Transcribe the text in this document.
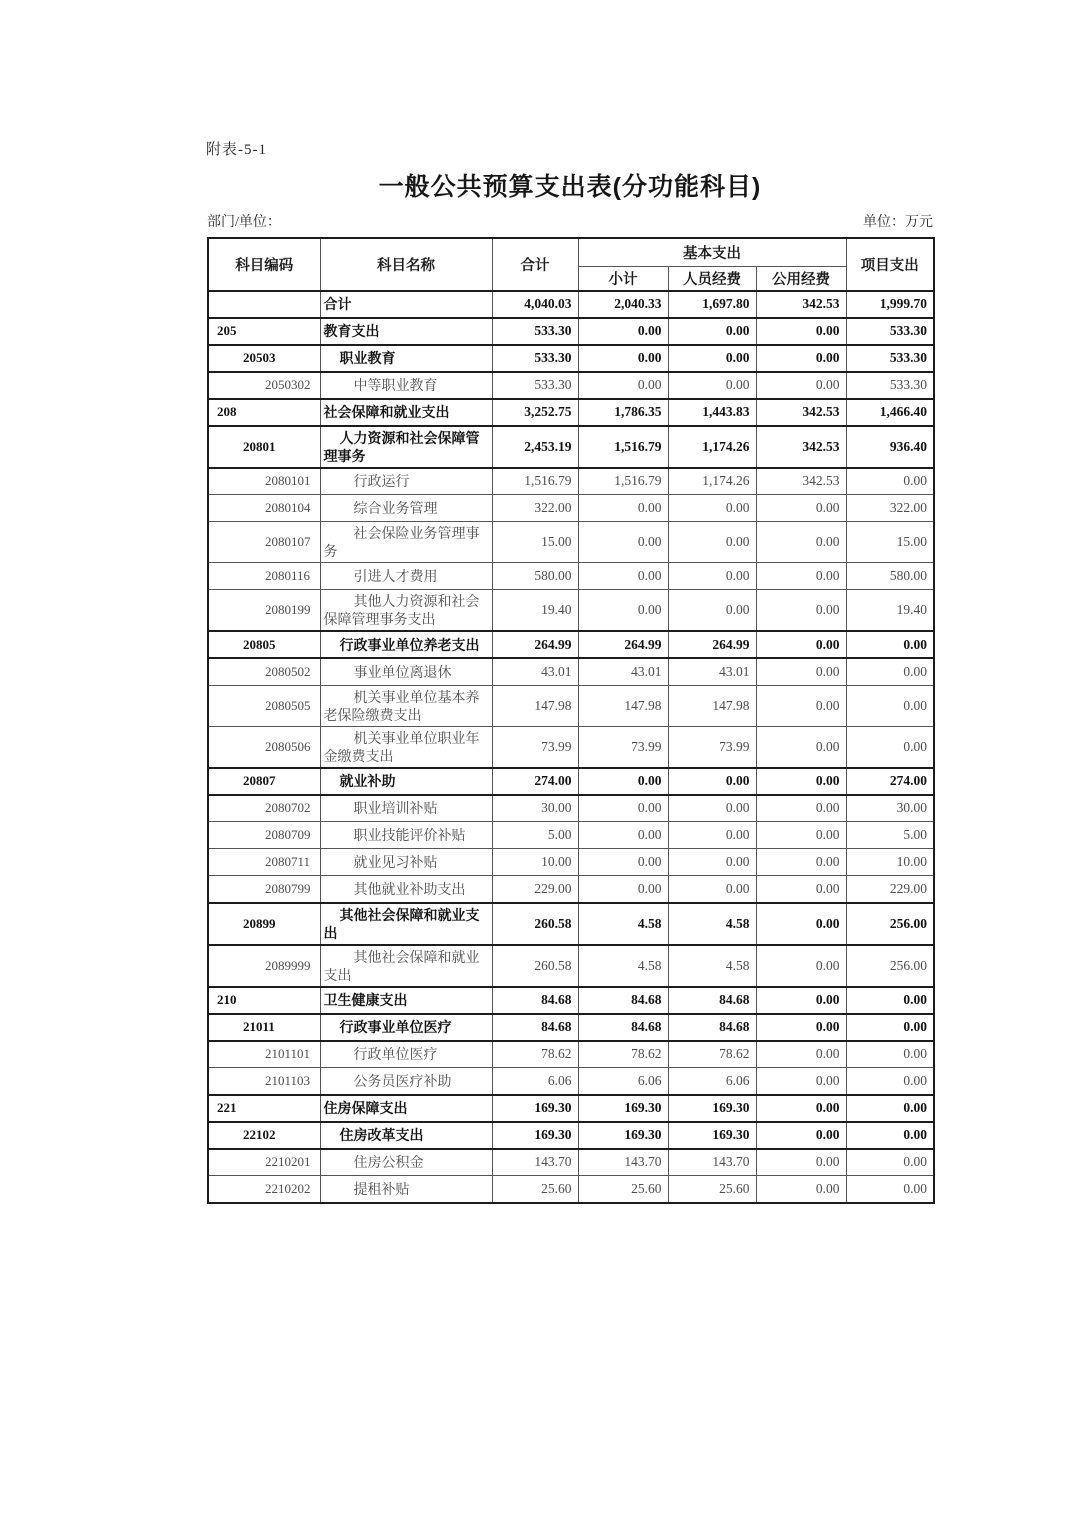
附表-5-1
一般公共预算支出表(分功能科目)
部门/单位：	单位：万元
科目编码	科目名称	合计	基本支出			项目支出
			小计	人员经费	公用经费	
	合计	4,040.03	2,040.33	1,697.80	342.53	1,999.70
205	教育支出	533.30	0.00	0.00	0.00	533.30
20503	职业教育	533.30	0.00	0.00	0.00	533.30
2050302	中等职业教育	533.30	0.00	0.00	0.00	533.30
208	社会保障和就业支出	3,252.75	1,786.35	1,443.83	342.53	1,466.40
20801	人力资源和社会保障管理事务	2,453.19	1,516.79	1,174.26	342.53	936.40
2080101	行政运行	1,516.79	1,516.79	1,174.26	342.53	0.00
2080104	综合业务管理	322.00	0.00	0.00	0.00	322.00
2080107	社会保险业务管理事务	15.00	0.00	0.00	0.00	15.00
2080116	引进人才费用	580.00	0.00	0.00	0.00	580.00
2080199	其他人力资源和社会保障管理事务支出	19.40	0.00	0.00	0.00	19.40
20805	行政事业单位养老支出	264.99	264.99	264.99	0.00	0.00
2080502	事业单位离退休	43.01	43.01	43.01	0.00	0.00
2080505	机关事业单位基本养老保险缴费支出	147.98	147.98	147.98	0.00	0.00
2080506	机关事业单位职业年金缴费支出	73.99	73.99	73.99	0.00	0.00
20807	就业补助	274.00	0.00	0.00	0.00	274.00
2080702	职业培训补贴	30.00	0.00	0.00	0.00	30.00
2080709	职业技能评价补贴	5.00	0.00	0.00	0.00	5.00
2080711	就业见习补贴	10.00	0.00	0.00	0.00	10.00
2080799	其他就业补助支出	229.00	0.00	0.00	0.00	229.00
20899	其他社会保障和就业支出	260.58	4.58	4.58	0.00	256.00
2089999	其他社会保障和就业支出	260.58	4.58	4.58	0.00	256.00
210	卫生健康支出	84.68	84.68	84.68	0.00	0.00
21011	行政事业单位医疗	84.68	84.68	84.68	0.00	0.00
2101101	行政单位医疗	78.62	78.62	78.62	0.00	0.00
2101103	公务员医疗补助	6.06	6.06	6.06	0.00	0.00
221	住房保障支出	169.30	169.30	169.30	0.00	0.00
22102	住房改革支出	169.30	169.30	169.30	0.00	0.00
2210201	住房公积金	143.70	143.70	143.70	0.00	0.00
2210202	提租补贴	25.60	25.60	25.60	0.00	0.00
